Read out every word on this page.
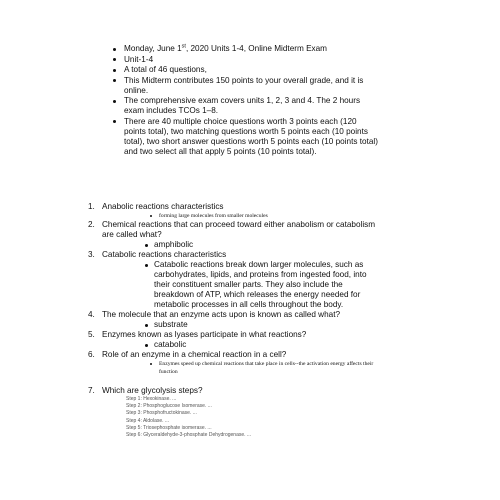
Monday, June 1st, 2020 Units 1-4, Online Midterm Exam
Unit-1-4
A total of 46 questions,
This Midterm contributes 150 points to your overall grade, and it is online.
The comprehensive exam covers units 1, 2, 3 and 4. The 2 hours exam includes TCOs 1–8.
There are 40 multiple choice questions worth 3 points each (120 points total), two matching questions worth 5 points each (10 points total), two short answer questions worth 5 points each (10 points total) and two select all that apply 5 points (10 points total).
1. Anabolic reactions characteristics
forming large molecules from smaller molecules
2. Chemical reactions that can proceed toward either anabolism or catabolism are called what?
amphibolic
3. Catabolic reactions characteristics
Catabolic reactions break down larger molecules, such as carbohydrates, lipids, and proteins from ingested food, into their constituent smaller parts. They also include the breakdown of ATP, which releases the energy needed for metabolic processes in all cells throughout the body.
4. The molecule that an enzyme acts upon is known as called what?
substrate
5. Enzymes known as lyases participate in what reactions?
catabolic
6. Role of an enzyme in a chemical reaction in a cell?
Enzymes speed up chemical reactions that take place in cells--the activation energy affects their function
7. Which are glycolysis steps?
Step 1: Hexokinase. ...
Step 2: Phosphoglucose Isomerase. ...
Step 3: Phosphofructokinase. ...
Step 4: Aldolase. ...
Step 5: Triosephosphate isomerase. ...
Step 6: Glyceraldehyde-3-phosphate Dehydrogenase. ...
